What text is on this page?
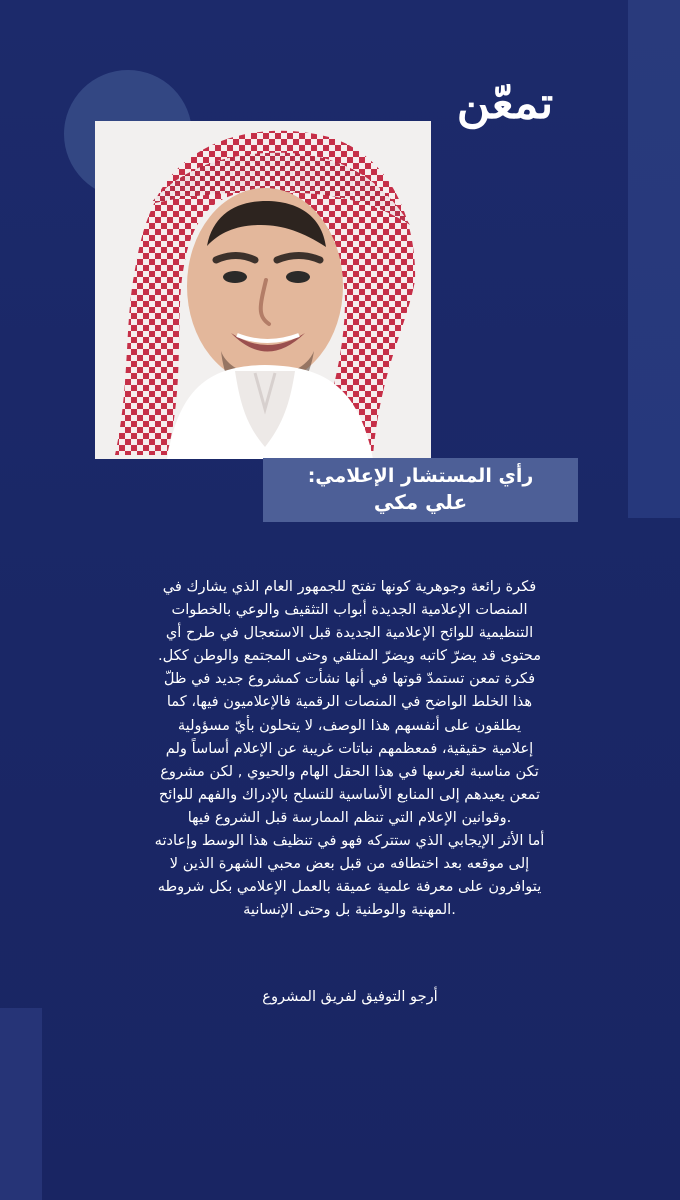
تمعّن
رأي المستشار الإعلامي:
علي مكي
فكرة رائعة وجوهرية كونها تفتح للجمهور العام الذي يشارك في
المنصات الإعلامية الجديدة أبواب التثقيف والوعي بالخطوات
التنظيمية للوائح الإعلامية الجديدة قبل الاستعجال في طرح أي
محتوى قد يضرّ كاتبه ويضرّ المتلقي وحتى المجتمع والوطن ككل.
فكرة تمعن تستمدّ قوتها في أنها نشأت كمشروع جديد في ظلّ
هذا الخلط الواضح في المنصات الرقمية فالإعلاميون فيها، كما
يطلقون على أنفسهم هذا الوصف، لا يتحلون بأيّ مسؤولية
إعلامية حقيقية، فمعظمهم نباتات غريبة عن الإعلام أساساً ولم
تكن مناسبة لغرسها في هذا الحقل الهام والحيوي , لكن مشروع
تمعن يعيدهم إلى المنابع الأساسية للتسلح بالإدراك والفهم للوائح
.وقوانين الإعلام التي تنظم الممارسة قبل الشروع فيها
أما الأثر الإيجابي الذي ستتركه فهو في تنظيف هذا الوسط وإعادته
إلى موقعه بعد اختطافه من قبل بعض محبي الشهرة الذين لا
يتوافرون على معرفة علمية عميقة بالعمل الإعلامي بكل شروطه
.المهنية والوطنية بل وحتى الإنسانية
أرجو التوفيق لفريق المشروع
